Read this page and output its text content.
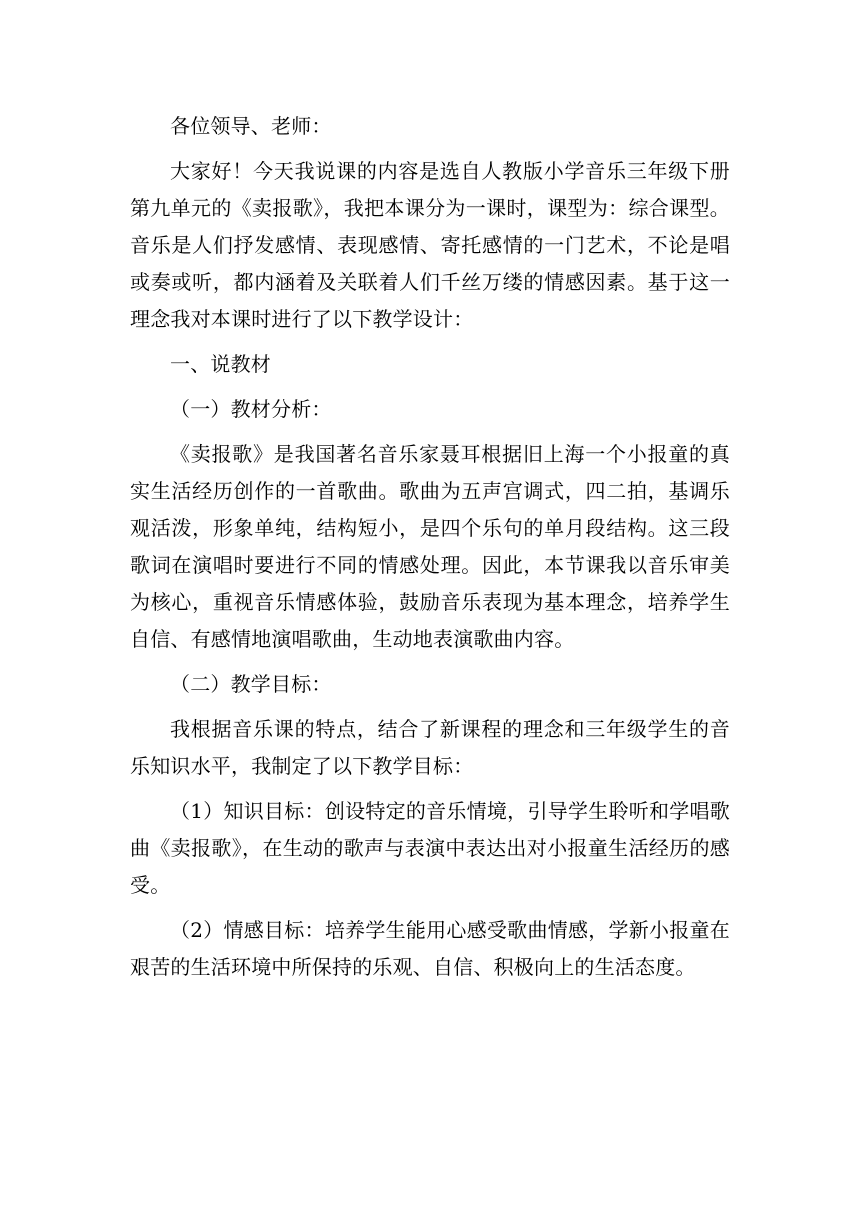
各位领导、老师：

大家好！今天我说课的内容是选自人教版小学音乐三年级下册第九单元的《卖报歌》，我把本课分为一课时，课型为：综合课型。音乐是人们抒发感情、表现感情、寄托感情的一门艺术，不论是唱或奏或听，都内涵着及关联着人们千丝万缕的情感因素。基于这一理念我对本课时进行了以下教学设计：

一、说教材

（一）教材分析：

《卖报歌》是我国著名音乐家聂耳根据旧上海一个小报童的真实生活经历创作的一首歌曲。歌曲为五声宫调式，四二拍，基调乐观活泼，形象单纯，结构短小，是四个乐句的单月段结构。这三段歌词在演唱时要进行不同的情感处理。因此，本节课我以音乐审美为核心，重视音乐情感体验，鼓励音乐表现为基本理念，培养学生自信、有感情地演唱歌曲，生动地表演歌曲内容。

（二）教学目标：

我根据音乐课的特点，结合了新课程的理念和三年级学生的音乐知识水平，我制定了以下教学目标：

（1）知识目标：创设特定的音乐情境，引导学生聆听和学唱歌曲《卖报歌》，在生动的歌声与表演中表达出对小报童生活经历的感受。

（2）情感目标：培养学生能用心感受歌曲情感，学新小报童在艰苦的生活环境中所保持的乐观、自信、积极向上的生活态度。
